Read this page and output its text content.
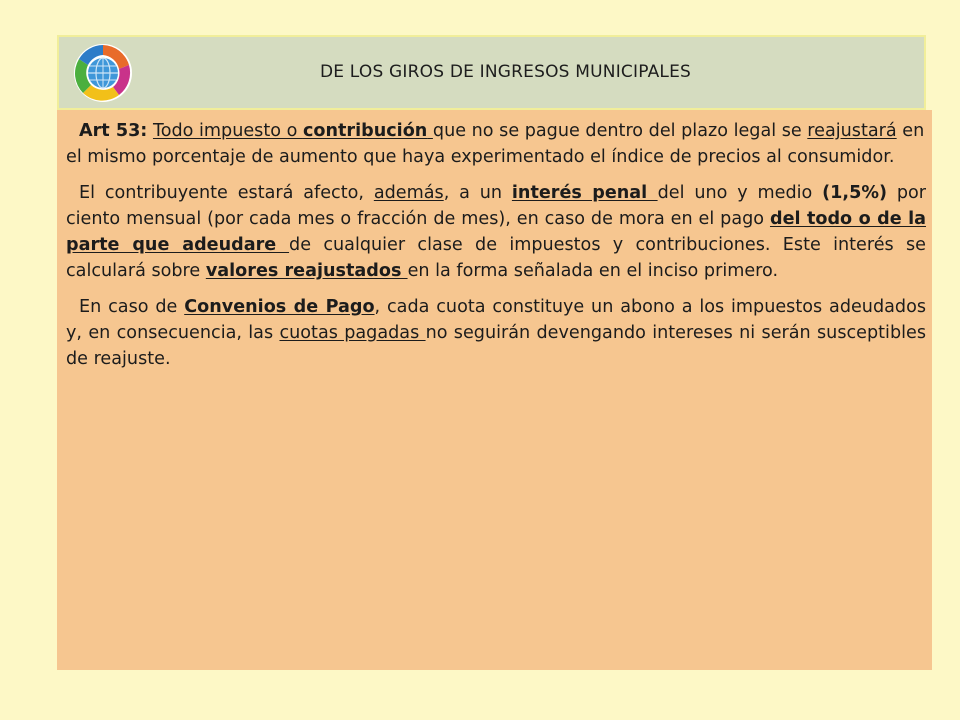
DE LOS GIROS DE INGRESOS MUNICIPALES

Art 53: Todo impuesto o contribución que no se pague dentro del plazo legal se reajustará en el mismo porcentaje de aumento que haya experimentado el índice de precios al consumidor.

El contribuyente estará afecto, además, a un interés penal del uno y medio (1,5%) por ciento mensual (por cada mes o fracción de mes), en caso de mora en el pago del todo o de la parte que adeudare de cualquier clase de impuestos y contribuciones. Este interés se calculará sobre valores reajustados en la forma señalada en el inciso primero.

En caso de Convenios de Pago, cada cuota constituye un abono a los impuestos adeudados y, en consecuencia, las cuotas pagadas no seguirán devengando intereses ni serán susceptibles de reajuste.
